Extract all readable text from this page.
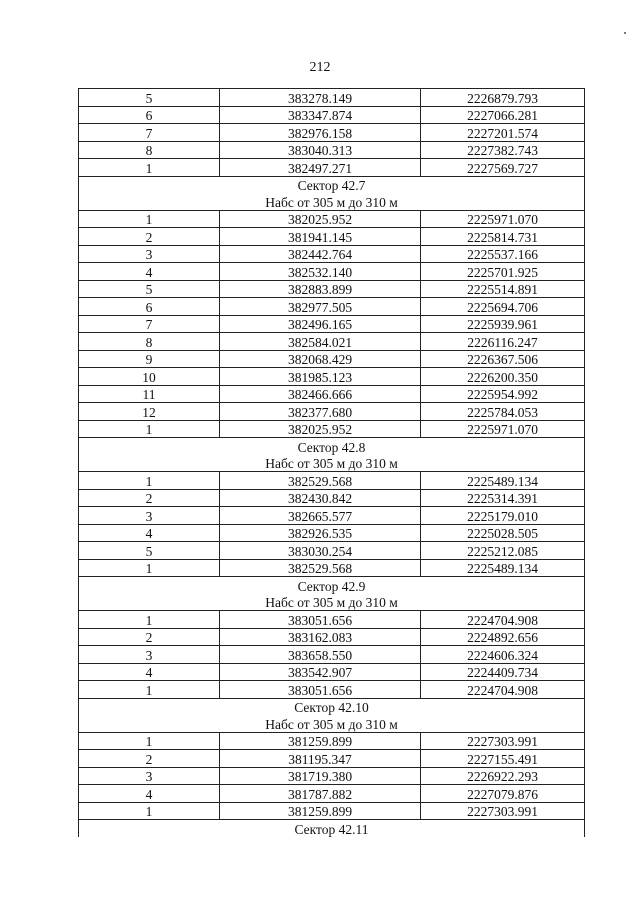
212
5	383278.149	2226879.793
6	383347.874	2227066.281
7	382976.158	2227201.574
8	383040.313	2227382.743
1	382497.271	2227569.727
Сектор 42.7		
Набс от 305 м до 310 м		
1	382025.952	2225971.070
2	381941.145	2225814.731
3	382442.764	2225537.166
4	382532.140	2225701.925
5	382883.899	2225514.891
6	382977.505	2225694.706
7	382496.165	2225939.961
8	382584.021	2226116.247
9	382068.429	2226367.506
10	381985.123	2226200.350
11	382466.666	2225954.992
12	382377.680	2225784.053
1	382025.952	2225971.070
Сектор 42.8		
Набс от 305 м до 310 м		
1	382529.568	2225489.134
2	382430.842	2225314.391
3	382665.577	2225179.010
4	382926.535	2225028.505
5	383030.254	2225212.085
1	382529.568	2225489.134
Сектор 42.9		
Набс от 305 м до 310 м		
1	383051.656	2224704.908
2	383162.083	2224892.656
3	383658.550	2224606.324
4	383542.907	2224409.734
1	383051.656	2224704.908
Сектор 42.10		
Набс от 305 м до 310 м		
1	381259.899	2227303.991
2	381195.347	2227155.491
3	381719.380	2226922.293
4	381787.882	2227079.876
1	381259.899	2227303.991
Сектор 42.11		
